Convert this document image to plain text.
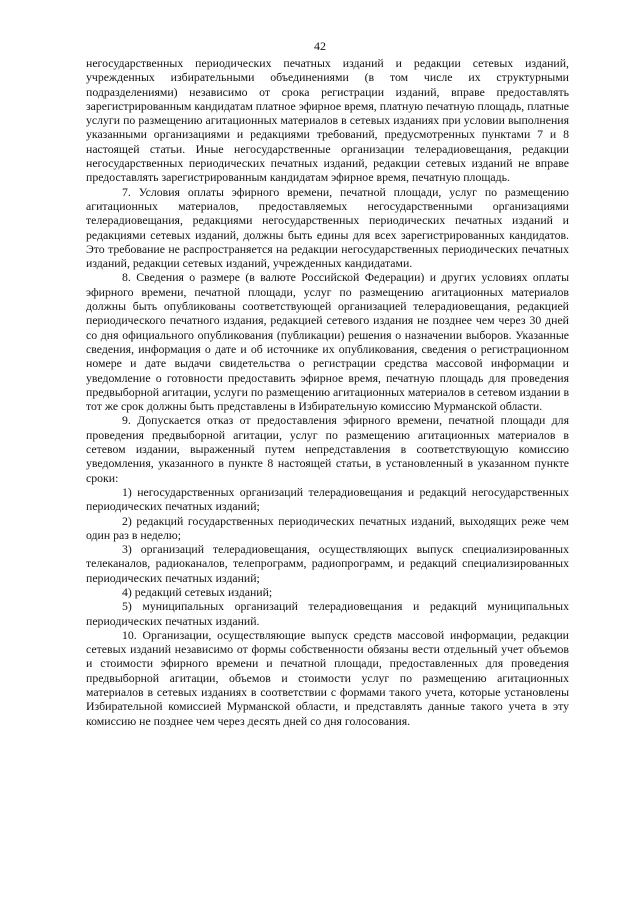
42

негосударственных периодических печатных изданий и редакции сетевых изданий, учрежденных избирательными объединениями (в том числе их структурными подразделениями) независимо от срока регистрации изданий, вправе предоставлять зарегистрированным кандидатам платное эфирное время, платную печатную площадь, платные услуги по размещению агитационных материалов в сетевых изданиях при условии выполнения указанными организациями и редакциями требований, предусмотренных пунктами 7 и 8 настоящей статьи. Иные негосударственные организации телерадиовещания, редакции негосударственных периодических печатных изданий, редакции сетевых изданий не вправе предоставлять зарегистрированным кандидатам эфирное время, печатную площадь.

7. Условия оплаты эфирного времени, печатной площади, услуг по размещению агитационных материалов, предоставляемых негосударственными организациями телерадиовещания, редакциями негосударственных периодических печатных изданий и редакциями сетевых изданий, должны быть едины для всех зарегистрированных кандидатов. Это требование не распространяется на редакции негосударственных периодических печатных изданий, редакции сетевых изданий, учрежденных кандидатами.

8. Сведения о размере (в валюте Российской Федерации) и других условиях оплаты эфирного времени, печатной площади, услуг по размещению агитационных материалов должны быть опубликованы соответствующей организацией телерадиовещания, редакцией периодического печатного издания, редакцией сетевого издания не позднее чем через 30 дней со дня официального опубликования (публикации) решения о назначении выборов. Указанные сведения, информация о дате и об источнике их опубликования, сведения о регистрационном номере и дате выдачи свидетельства о регистрации средства массовой информации и уведомление о готовности предоставить эфирное время, печатную площадь для проведения предвыборной агитации, услуги по размещению агитационных материалов в сетевом издании в тот же срок должны быть представлены в Избирательную комиссию Мурманской области.

9. Допускается отказ от предоставления эфирного времени, печатной площади для проведения предвыборной агитации, услуг по размещению агитационных материалов в сетевом издании, выраженный путем непредставления в соответствующую комиссию уведомления, указанного в пункте 8 настоящей статьи, в установленный в указанном пункте сроки:

1) негосударственных организаций телерадиовещания и редакций негосударственных периодических печатных изданий;

2) редакций государственных периодических печатных изданий, выходящих реже чем один раз в неделю;

3) организаций телерадиовещания, осуществляющих выпуск специализированных телеканалов, радиоканалов, телепрограмм, радиопрограмм, и редакций специализированных периодических печатных изданий;

4) редакций сетевых изданий;

5) муниципальных организаций телерадиовещания и редакций муниципальных периодических печатных изданий.

10. Организации, осуществляющие выпуск средств массовой информации, редакции сетевых изданий независимо от формы собственности обязаны вести отдельный учет объемов и стоимости эфирного времени и печатной площади, предоставленных для проведения предвыборной агитации, объемов и стоимости услуг по размещению агитационных материалов в сетевых изданиях в соответствии с формами такого учета, которые установлены Избирательной комиссией Мурманской области, и представлять данные такого учета в эту комиссию не позднее чем через десять дней со дня голосования.
